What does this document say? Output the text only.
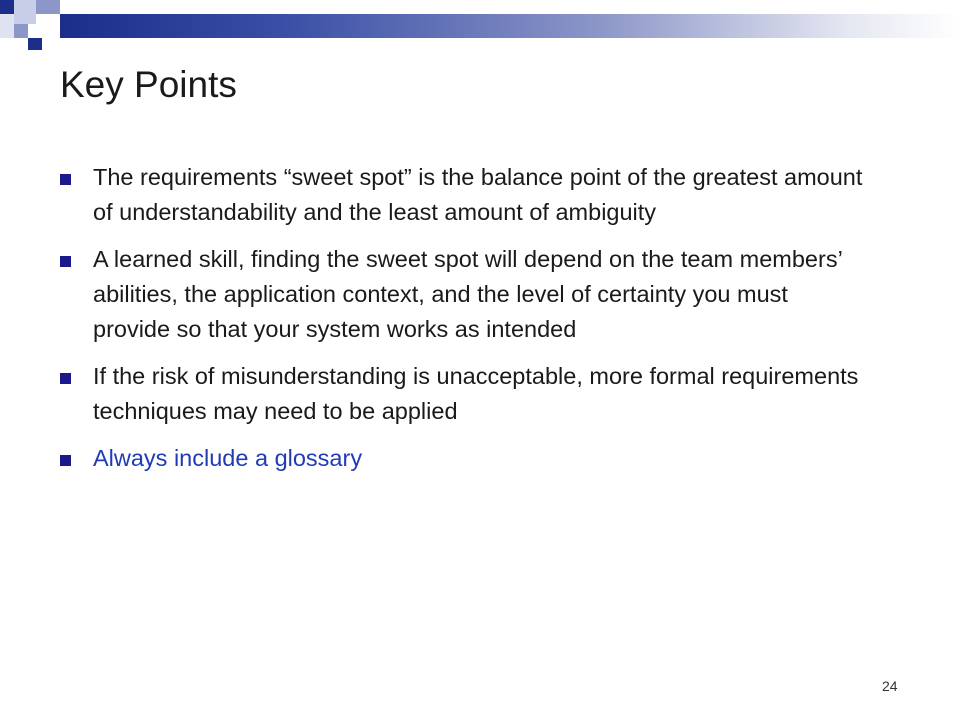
Key Points
The requirements “sweet spot” is the balance point of the greatest amount of understandability and the least amount of ambiguity
A learned skill, finding the sweet spot will depend on the team members’ abilities, the application context, and the level of certainty you must provide so that your system works as intended
If the risk of misunderstanding is unacceptable, more formal requirements techniques may need to be applied
Always include a glossary
24
